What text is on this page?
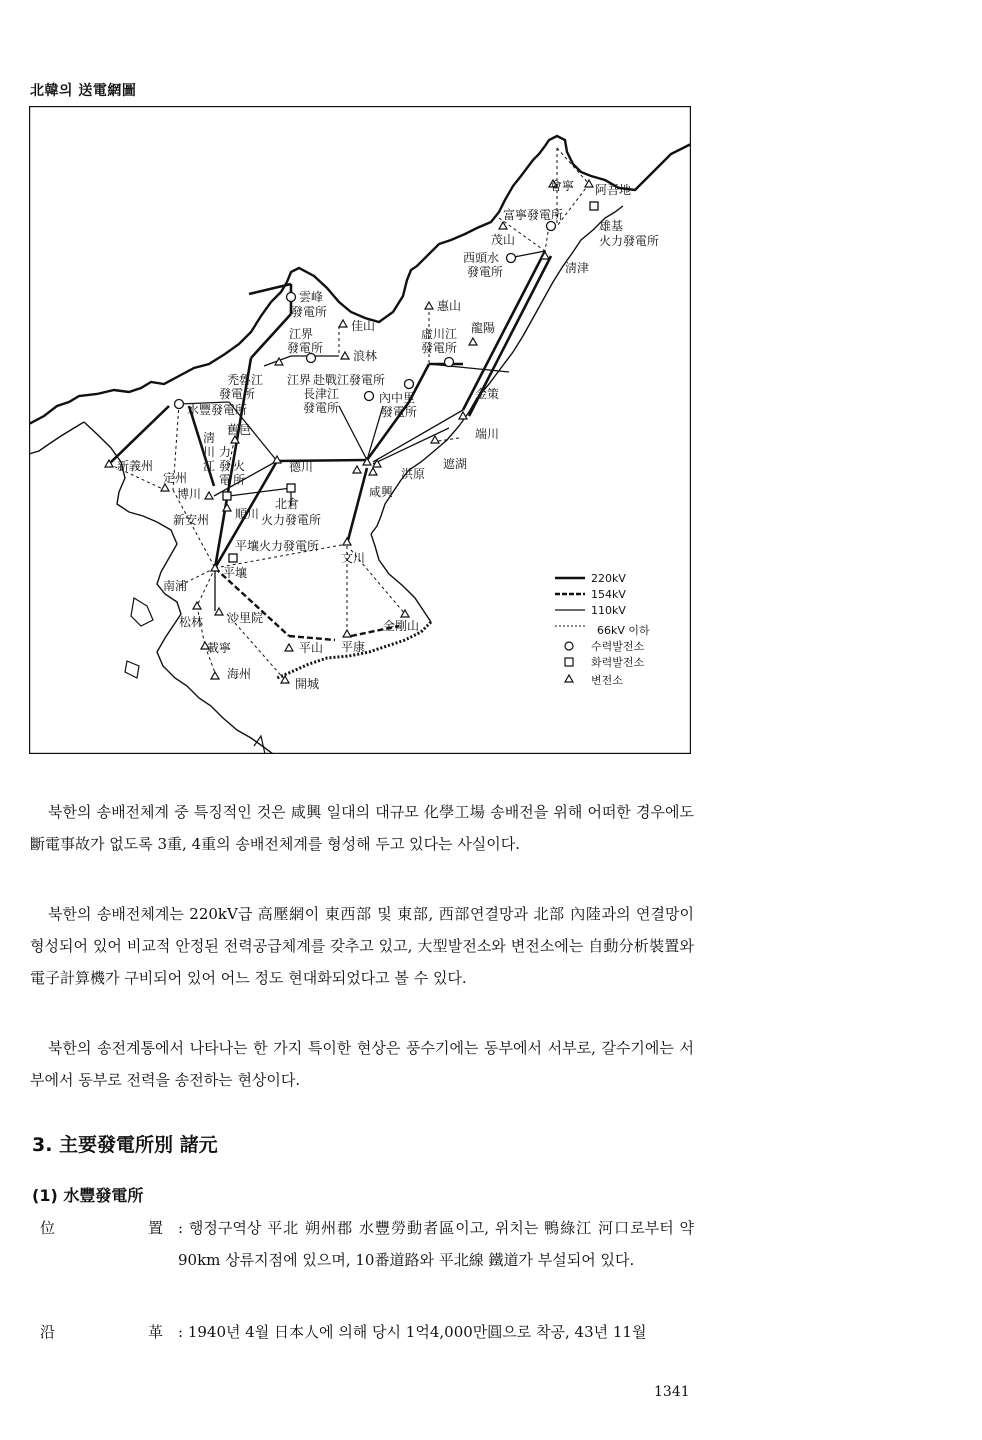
北韓의 送電網圖
會寧 阿吾地
富寧發電所
雄基
火力發電所
茂山
西頭水
發電所	淸津
雲峰
發電所	惠山
江界
發電所
佳山
虛川江
發電所
龍陽
浪林
禿魯江
發電所
江界 赴戰江發電所
長津江
發電所
內中里
發電所
金策
水豐發電所
舊邑
淸
川
江
力
發
電
火
所
端川
新義州	德川	洪原
遮湖
定州
咸興
博川
新安州 順川
北倉
火力發電所
平壤火力發電所
文川
平壤
南浦
沙里院
松林	金剛山
載寧	平山 平康
海州
開城
220kV
154kV
110kV
66kV 이하
수력발전소
화력발전소
변전소

북한의 송배전체계 중 특징적인 것은 咸興 일대의 대규모 化學工場 송배전을 위해 어떠한 경우에도 斷電事故가 없도록 3重, 4重의 송배전체계를 형성해 두고 있다는 사실이다.

북한의 송배전체계는 220kV급 高壓網이 東西部 및 東部, 西部연결망과 北部 內陸과의 연결망이 형성되어 있어 비교적 안정된 전력공급체계를 갖추고 있고, 大型발전소와 변전소에는 自動分析裝置와 電子計算機가 구비되어 있어 어느 정도 현대화되었다고 볼 수 있다.

북한의 송전계통에서 나타나는 한 가지 특이한 현상은 풍수기에는 동부에서 서부로, 갈수기에는 서부에서 동부로 전력을 송전하는 현상이다.

3. 主要發電所別 諸元
(1) 水豐發電所
位	置 : 행정구역상 平北 朔州郡 水豐勞動者區이고, 위치는 鴨綠江 河口로부터 약 90km 상류지점에 있으며, 10番道路와 平北線 鐵道가 부설되어 있다.
沿	革 : 1940년 4월 日本人에 의해 당시 1억4,000만圓으로 착공, 43년 11월
1341
